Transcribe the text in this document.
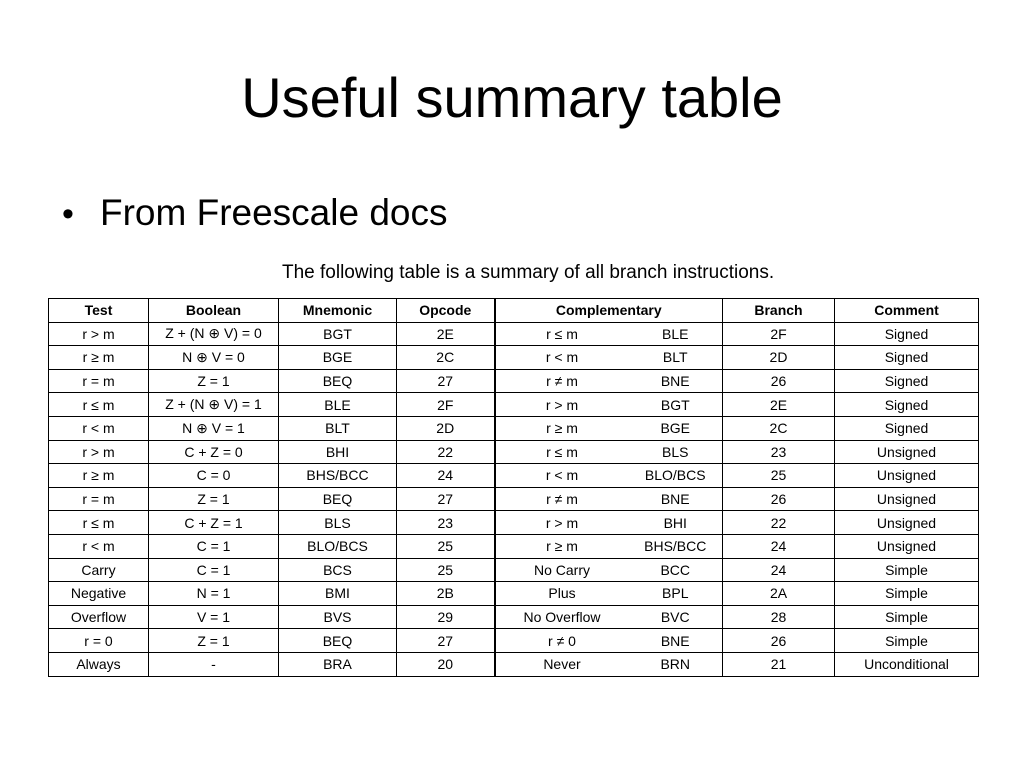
Useful summary table
• From Freescale docs
The following table is a summary of all branch instructions.
Test	Boolean	Mnemonic	Opcode	Complementary		Branch	Comment
r > m	Z + (N ⊕ V) = 0	BGT	2E	r ≤ m	BLE	2F	Signed
r ≥ m	N ⊕ V = 0	BGE	2C	r < m	BLT	2D	Signed
r = m	Z = 1	BEQ	27	r ≠ m	BNE	26	Signed
r ≤ m	Z + (N ⊕ V) = 1	BLE	2F	r > m	BGT	2E	Signed
r < m	N ⊕ V = 1	BLT	2D	r ≥ m	BGE	2C	Signed
r > m	C + Z = 0	BHI	22	r ≤ m	BLS	23	Unsigned
r ≥ m	C = 0	BHS/BCC	24	r < m	BLO/BCS	25	Unsigned
r = m	Z = 1	BEQ	27	r ≠ m	BNE	26	Unsigned
r ≤ m	C + Z = 1	BLS	23	r > m	BHI	22	Unsigned
r < m	C = 1	BLO/BCS	25	r ≥ m	BHS/BCC	24	Unsigned
Carry	C = 1	BCS	25	No Carry	BCC	24	Simple
Negative	N = 1	BMI	2B	Plus	BPL	2A	Simple
Overflow	V = 1	BVS	29	No Overflow	BVC	28	Simple
r = 0	Z = 1	BEQ	27	r ≠ 0	BNE	26	Simple
Always	-	BRA	20	Never	BRN	21	Unconditional
